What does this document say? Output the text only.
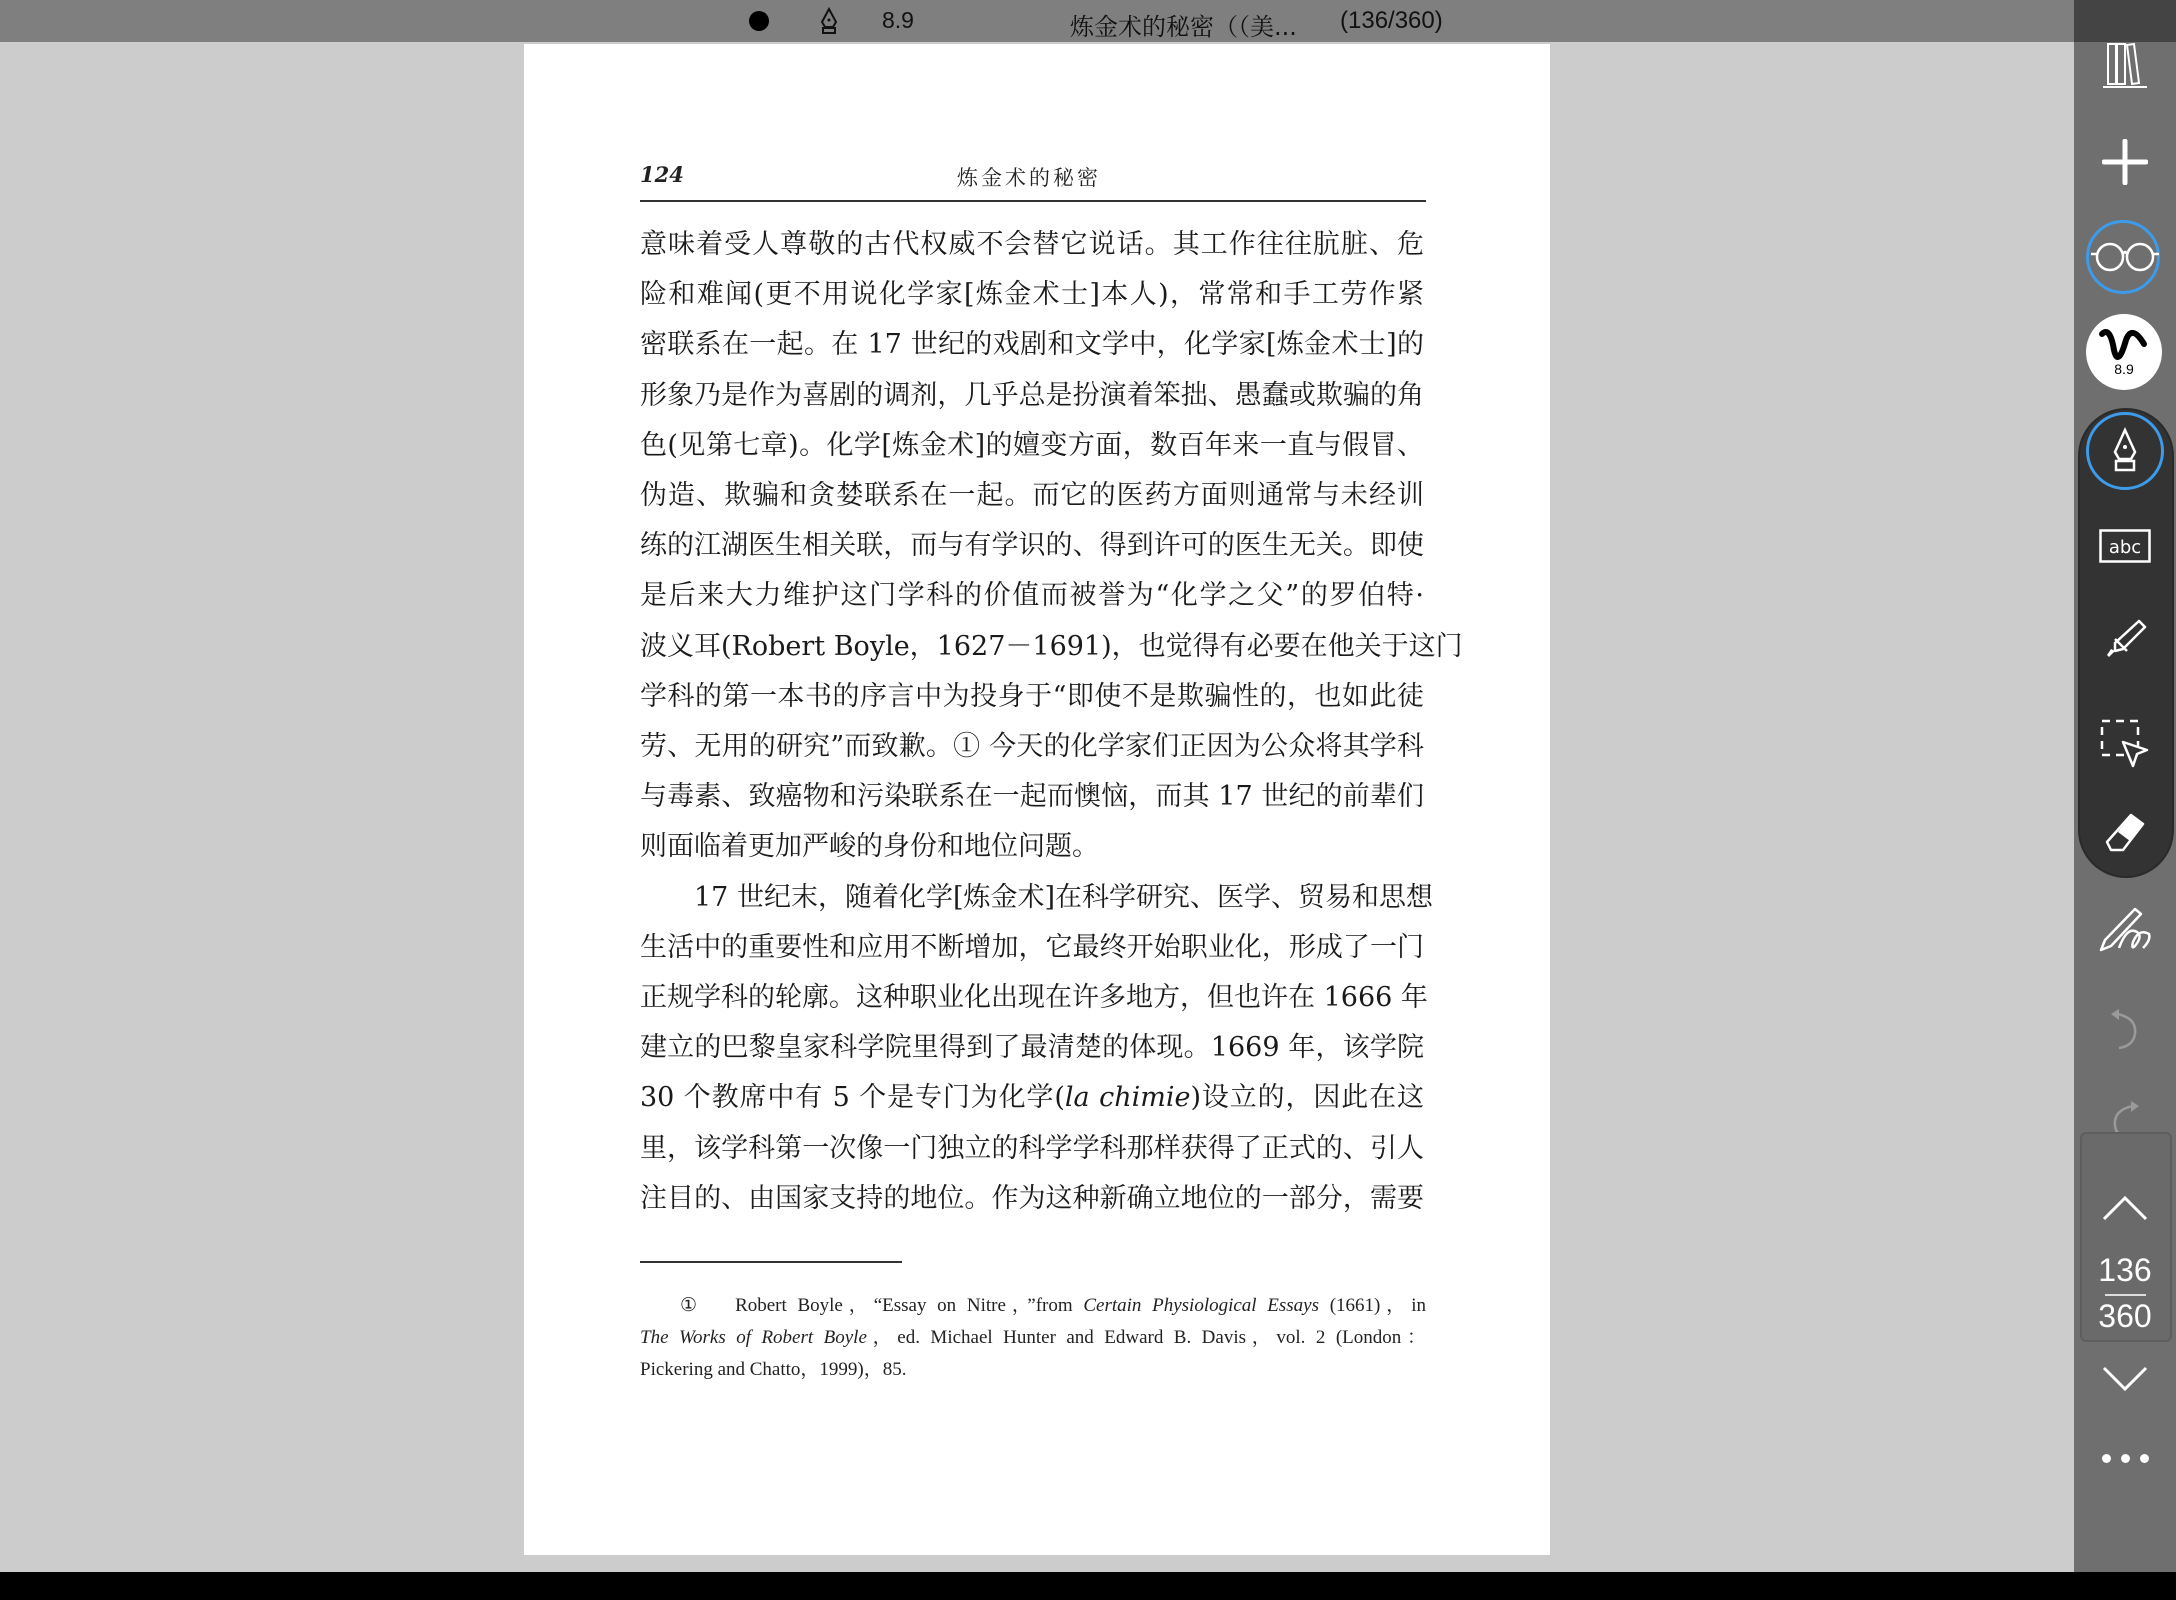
8.9	炼金术的秘密（（美... (136/360)
124	炼金术的秘密
意味着受人尊敬的古代权威不会替它说话。其工作往往肮脏、危
险和难闻(更不用说化学家[炼金术士]本人)，常常和手工劳作紧
密联系在一起。在 17 世纪的戏剧和文学中，化学家[炼金术士]的
形象乃是作为喜剧的调剂，几乎总是扮演着笨拙、愚蠢或欺骗的角
色(见第七章)。化学[炼金术]的嬗变方面，数百年来一直与假冒、
伪造、欺骗和贪婪联系在一起。而它的医药方面则通常与未经训
练的江湖医生相关联，而与有学识的、得到许可的医生无关。即使
是后来大力维护这门学科的价值而被誉为“化学之父”的罗伯特·
波义耳(Robert Boyle，1627－1691)，也觉得有必要在他关于这门
学科的第一本书的序言中为投身于“即使不是欺骗性的，也如此徒
劳、无用的研究”而致歉。① 今天的化学家们正因为公众将其学科
与毒素、致癌物和污染联系在一起而懊恼，而其 17 世纪的前辈们
则面临着更加严峻的身份和地位问题。
17 世纪末，随着化学[炼金术]在科学研究、医学、贸易和思想
生活中的重要性和应用不断增加，它最终开始职业化，形成了一门
正规学科的轮廓。这种职业化出现在许多地方，但也许在 1666 年
建立的巴黎皇家科学院里得到了最清楚的体现。1669 年，该学院
30 个教席中有 5 个是专门为化学(la chimie)设立的，因此在这
里，该学科第一次像一门独立的科学学科那样获得了正式的、引人
注目的、由国家支持的地位。作为这种新确立地位的一部分，需要
① Robert Boyle，“Essay on Nitre，”from Certain Physiological Essays (1661)，in
The Works of Robert Boyle，ed. Michael Hunter and Edward B. Davis，vol. 2 (London：
Pickering and Chatto，1999)，85.
8.9
abc
136
360
